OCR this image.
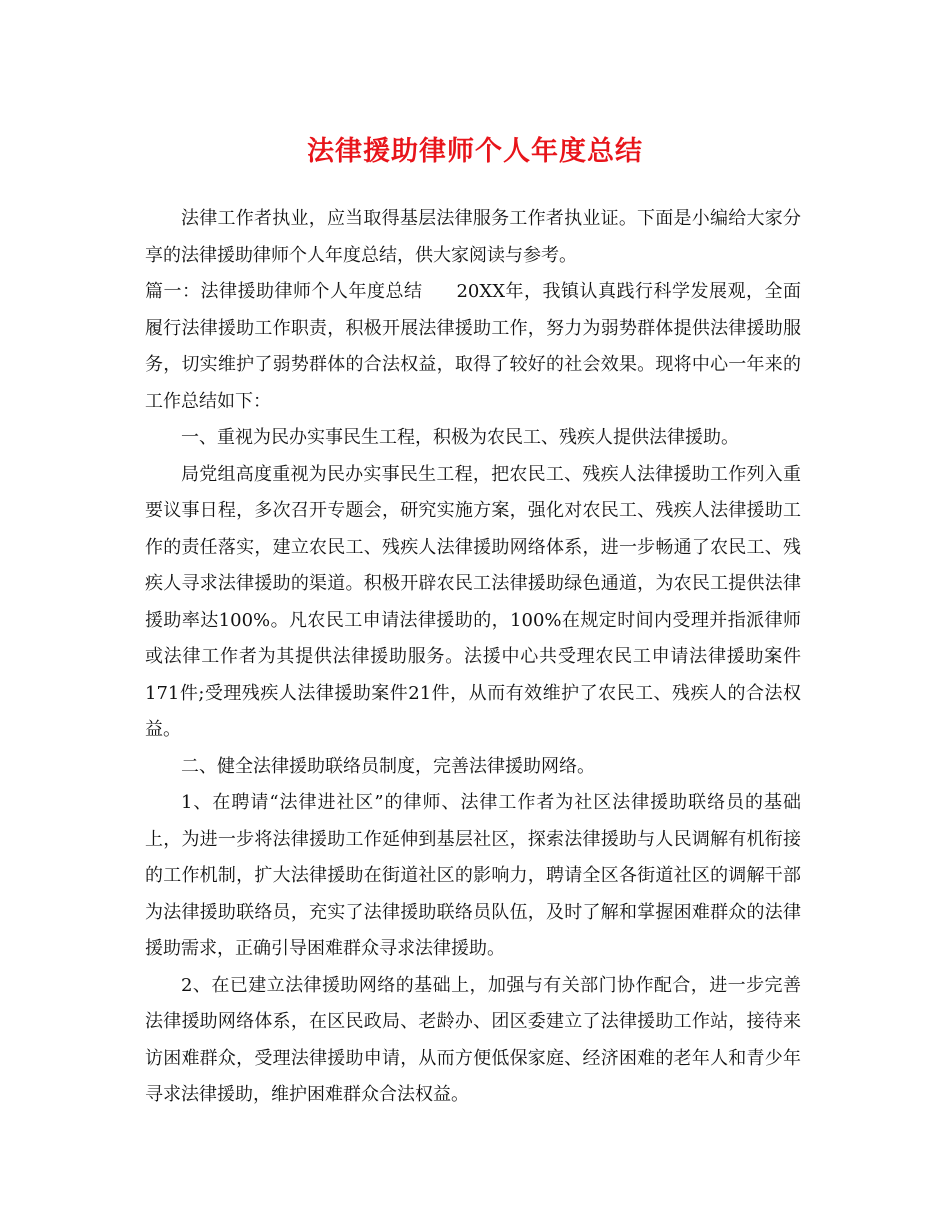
法律援助律师个人年度总结

法律工作者执业，应当取得基层法律服务工作者执业证。下面是小编给大家分享的法律援助律师个人年度总结，供大家阅读与参考。

篇一：法律援助律师个人年度总结 20XX年，我镇认真践行科学发展观，全面履行法律援助工作职责，积极开展法律援助工作，努力为弱势群体提供法律援助服务，切实维护了弱势群体的合法权益，取得了较好的社会效果。现将中心一年来的工作总结如下：

一、重视为民办实事民生工程，积极为农民工、残疾人提供法律援助。

局党组高度重视为民办实事民生工程，把农民工、残疾人法律援助工作列入重要议事日程，多次召开专题会，研究实施方案，强化对农民工、残疾人法律援助工作的责任落实，建立农民工、残疾人法律援助网络体系，进一步畅通了农民工、残疾人寻求法律援助的渠道。积极开辟农民工法律援助绿色通道，为农民工提供法律援助率达100%。凡农民工申请法律援助的，100%在规定时间内受理并指派律师或法律工作者为其提供法律援助服务。法援中心共受理农民工申请法律援助案件171件;受理残疾人法律援助案件21件，从而有效维护了农民工、残疾人的合法权益。

二、健全法律援助联络员制度，完善法律援助网络。

1、在聘请“法律进社区”的律师、法律工作者为社区法律援助联络员的基础上，为进一步将法律援助工作延伸到基层社区，探索法律援助与人民调解有机衔接的工作机制，扩大法律援助在街道社区的影响力，聘请全区各街道社区的调解干部为法律援助联络员，充实了法律援助联络员队伍，及时了解和掌握困难群众的法律援助需求，正确引导困难群众寻求法律援助。

2、在已建立法律援助网络的基础上，加强与有关部门协作配合，进一步完善法律援助网络体系，在区民政局、老龄办、团区委建立了法律援助工作站，接待来访困难群众，受理法律援助申请，从而方便低保家庭、经济困难的老年人和青少年寻求法律援助，维护困难群众合法权益。
